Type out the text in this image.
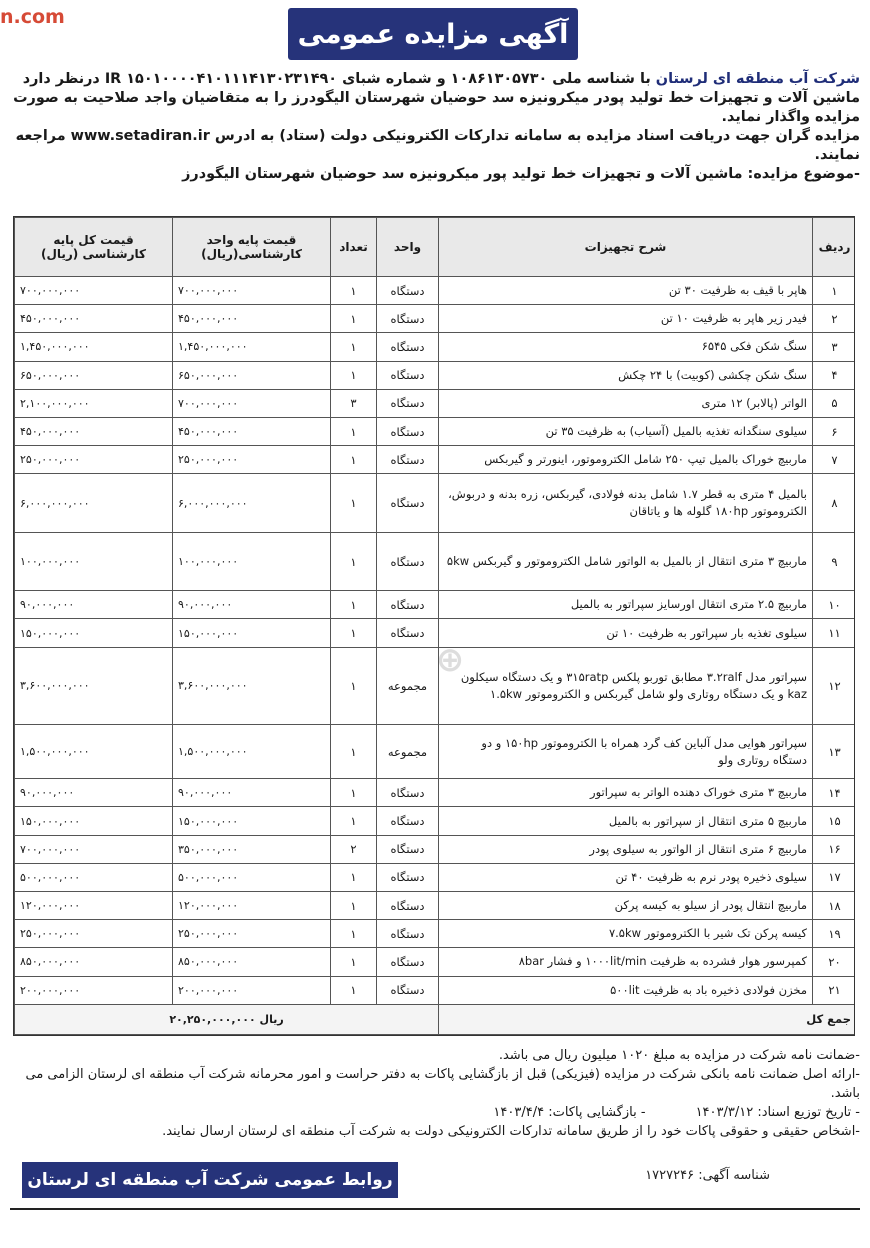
n.com
آگهی مزایده عمومی

شرکت آب منطقه ای لرستان با شناسه ملی ۱۰۸۶۱۳۰۵۷۳۰ و شماره شبای IR ۱۵۰۱۰۰۰۰۴۱۰۱۱۱۴۱۳۰۲۳۱۴۹۰ درنظر دارد ماشین آلات و تجهیزات خط تولید پودر میکرونیزه سد حوضیان شهرستان الیگودرز را به متقاضیان واجد صلاحیت به صورت مزایده واگذار نماید.

مزایده گران جهت دریافت اسناد مزایده به سامانه تدارکات الکترونیکی دولت (ستاد) به ادرس www.setadiran.ir مراجعه نمایند.

-موضوع مزایده: ماشین آلات و تجهیزات خط تولید پور میکرونیزه سد حوضیان شهرستان الیگودرز

ردیف	شرح تجهیزات	واحد	تعداد	قیمت پایه واحد کارشناسی(ریال)	قیمت کل پایه کارشناسی (ریال)
۱	هاپر با قیف به ظرفیت ۳۰ تن	دستگاه	۱	۷۰۰,۰۰۰,۰۰۰	۷۰۰,۰۰۰,۰۰۰
۲	فیدر زیر هاپر به ظرفیت ۱۰ تن	دستگاه	۱	۴۵۰,۰۰۰,۰۰۰	۴۵۰,۰۰۰,۰۰۰
۳	سنگ شکن فکی ۶۵۴۵	دستگاه	۱	۱,۴۵۰,۰۰۰,۰۰۰	۱,۴۵۰,۰۰۰,۰۰۰
۴	سنگ شکن چکشی (کوبیت) با ۲۴ چکش	دستگاه	۱	۶۵۰,۰۰۰,۰۰۰	۶۵۰,۰۰۰,۰۰۰
۵	الواتر (پالابر) ۱۲ متری	دستگاه	۳	۷۰۰,۰۰۰,۰۰۰	۲,۱۰۰,۰۰۰,۰۰۰
۶	سیلوی سنگدانه تغذیه بالمیل (آسیاب) به ظرفیت ۳۵ تن	دستگاه	۱	۴۵۰,۰۰۰,۰۰۰	۴۵۰,۰۰۰,۰۰۰
۷	ماربیچ خوراک بالمیل تیپ ۲۵۰ شامل الکتروموتور، اینورتر و گیربکس	دستگاه	۱	۲۵۰,۰۰۰,۰۰۰	۲۵۰,۰۰۰,۰۰۰
۸	بالمیل ۴ متری به قطر ۱.۷ شامل بدنه فولادی، گیربکس، زره بدنه و دربوش، الکتروموتور ۱۸۰hp گلوله ها و یاتاقان	دستگاه	۱	۶,۰۰۰,۰۰۰,۰۰۰	۶,۰۰۰,۰۰۰,۰۰۰
۹	ماربیچ ۳ متری انتقال از بالمیل به الواتور شامل الکتروموتور و گیربکس ۵kw	دستگاه	۱	۱۰۰,۰۰۰,۰۰۰	۱۰۰,۰۰۰,۰۰۰
۱۰	ماربیچ ۲.۵ متری انتقال اورسایز سپراتور به بالمیل	دستگاه	۱	۹۰,۰۰۰,۰۰۰	۹۰,۰۰۰,۰۰۰
۱۱	سیلوی تغذیه بار سپراتور به ظرفیت ۱۰ تن	دستگاه	۱	۱۵۰,۰۰۰,۰۰۰	۱۵۰,۰۰۰,۰۰۰
۱۲	سپراتور مدل ۳.۲ralf مطابق توربو پلکس ۳۱۵ratp و یک دستگاه سیکلون kaz و یک دستگاه روتاری ولو شامل گیربکس و الکتروموتور ۱.۵kw	مجموعه	۱	۳,۶۰۰,۰۰۰,۰۰۰	۳,۶۰۰,۰۰۰,۰۰۰
۱۳	سپراتور هوایی مدل آلباین کف گرد همراه با الکتروموتور ۱۵۰hp و دو دستگاه روتاری ولو	مجموعه	۱	۱,۵۰۰,۰۰۰,۰۰۰	۱,۵۰۰,۰۰۰,۰۰۰
۱۴	ماربیچ ۳ متری خوراک دهنده الواتر به سپراتور	دستگاه	۱	۹۰,۰۰۰,۰۰۰	۹۰,۰۰۰,۰۰۰
۱۵	ماربیچ ۵ متری انتقال از سپراتور به بالمیل	دستگاه	۱	۱۵۰,۰۰۰,۰۰۰	۱۵۰,۰۰۰,۰۰۰
۱۶	ماربیچ ۶ متری انتقال از الواتور به سیلوی پودر	دستگاه	۲	۳۵۰,۰۰۰,۰۰۰	۷۰۰,۰۰۰,۰۰۰
۱۷	سیلوی ذخیره پودر نرم به ظرفیت ۴۰ تن	دستگاه	۱	۵۰۰,۰۰۰,۰۰۰	۵۰۰,۰۰۰,۰۰۰
۱۸	ماربیچ انتقال پودر از سیلو به کیسه پرکن	دستگاه	۱	۱۲۰,۰۰۰,۰۰۰	۱۲۰,۰۰۰,۰۰۰
۱۹	کیسه پرکن تک شیر با الکتروموتور ۷.۵kw	دستگاه	۱	۲۵۰,۰۰۰,۰۰۰	۲۵۰,۰۰۰,۰۰۰
۲۰	کمپرسور هوار فشرده به ظرفیت ۱۰۰۰lit/min و فشار ۸bar	دستگاه	۱	۸۵۰,۰۰۰,۰۰۰	۸۵۰,۰۰۰,۰۰۰
۲۱	مخزن فولادی ذخیره باد به ظرفیت ۵۰۰lit	دستگاه	۱	۲۰۰,۰۰۰,۰۰۰	۲۰۰,۰۰۰,۰۰۰
جمع کل		۲۰,۲۵۰,۰۰۰,۰۰۰ ریال			
⊕

-ضمانت نامه شرکت در مزایده به مبلغ ۱۰۲۰ میلیون ریال می باشد.

-ارائه اصل ضمانت نامه بانکی شرکت در مزایده (فیزیکی) قبل از بازگشایی پاکات به دفتر حراست و امور محرمانه شرکت آب منطقه ای لرستان الزامی می باشد.

- تاریخ توزیع اسناد: ۱۴۰۳/۳/۱۲
- بازگشایی پاکات: ۱۴۰۳/۴/۴

-اشخاص حقیقی و حقوقی پاکات خود را از طریق سامانه تدارکات الکترونیکی دولت به شرکت آب منطقه ای لرستان ارسال نمایند.

شناسه آگهی: ۱۷۲۷۲۴۶
روابط عمومی شرکت آب منطقه ای لرستان
